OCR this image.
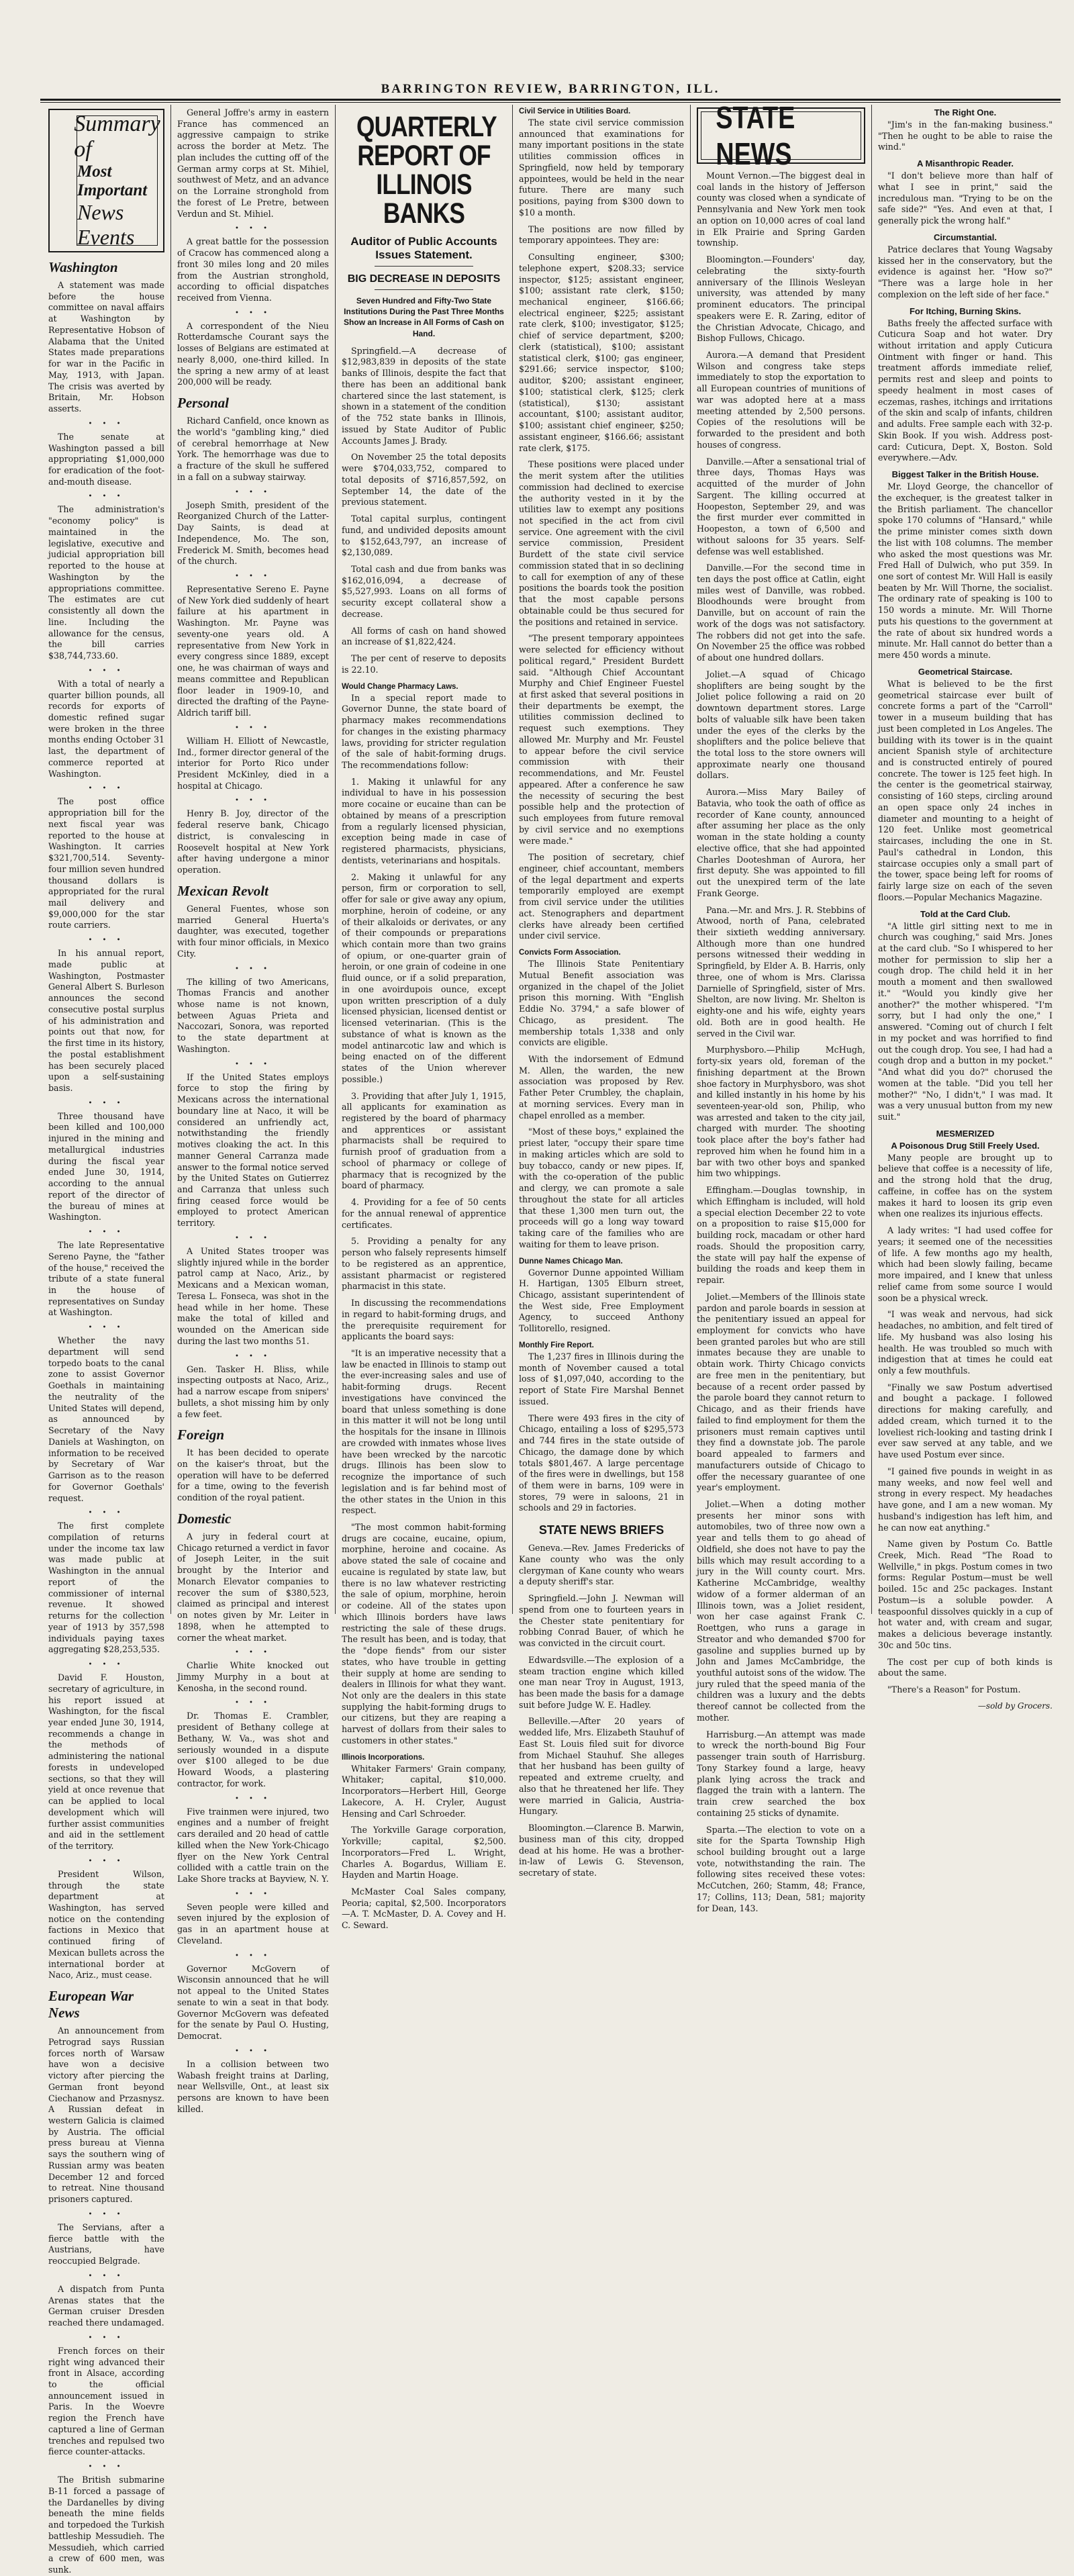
BARRINGTON REVIEW, BARRINGTON, ILL.
Summary of
Most Important
News Events
Washington

A statement was made before the house committee on naval affairs at Washington by Representative Hobson of Alabama that the United States made preparations for war in the Pacific in May, 1913, with Japan. The crisis was averted by Britain, Mr. Hobson asserts.

• • •

The senate at Washington passed a bill appropriating $1,000,000 for eradication of the foot-and-mouth disease.

• • •

The administration's "economy policy" is maintained in the legislative, executive and judicial appropriation bill reported to the house at Washington by the appropriations committee. The estimates are cut consistently all down the line. Including the allowance for the census, the bill carries $38,744,733.60.

• • •

With a total of nearly a quarter billion pounds, all records for exports of domestic refined sugar were broken in the three months ending October 31 last, the department of commerce reported at Washington.

• • •

The post office appropriation bill for the next fiscal year was reported to the house at Washington. It carries $321,700,514. Seventy-four million seven hundred thousand dollars is appropriated for the rural mail delivery and $9,000,000 for the star route carriers.

• • •

In his annual report, made public at Washington, Postmaster General Albert S. Burleson announces the second consecutive postal surplus of his administration and points out that now, for the first time in its history, the postal establishment has been securely placed upon a self-sustaining basis.

• • •

Three thousand have been killed and 100,000 injured in the mining and metallurgical industries during the fiscal year ended June 30, 1914, according to the annual report of the director of the bureau of mines at Washington.

• • •

The late Representative Sereno Payne, the "father of the house," received the tribute of a state funeral in the house of representatives on Sunday at Washington.

• • •

Whether the navy department will send torpedo boats to the canal zone to assist Governor Goethals in maintaining the neutrality of the United States will depend, as announced by Secretary of the Navy Daniels at Washington, on information to be received by Secretary of War Garrison as to the reason for Governor Goethals' request.

• • •

The first complete compilation of returns under the income tax law was made public at Washington in the annual report of the commissioner of internal revenue. It showed returns for the collection year of 1913 by 357,598 individuals paying taxes aggregating $28,253,535.

• • •

David F. Houston, secretary of agriculture, in his report issued at Washington, for the fiscal year ended June 30, 1914, recommends a change in the methods of administering the national forests in undeveloped sections, so that they will yield at once revenue that can be applied to local development which will further assist communities and aid in the settlement of the territory.

• • •

President Wilson, through the state department at Washington, has served notice on the contending factions in Mexico that continued firing of Mexican bullets across the international border at Naco, Ariz., must cease.

European War News

An announcement from Petrograd says Russian forces north of Warsaw have won a decisive victory after piercing the German front beyond Ciechanow and Przasnysz. A Russian defeat in western Galicia is claimed by Austria. The official press bureau at Vienna says the southern wing of Russian army was beaten December 12 and forced to retreat. Nine thousand prisoners captured.

• • •

The Servians, after a fierce battle with the Austrians, have reoccupied Belgrade.

• • •

A dispatch from Punta Arenas states that the German cruiser Dresden reached there undamaged.

• • •

French forces on their right wing advanced their front in Alsace, according to the official announcement issued in Paris. In the Woevre region the French have captured a line of German trenches and repulsed two fierce counter-attacks.

• • •

The British submarine B-11 forced a passage of the Dardanelles by diving beneath the mine fields and torpedoed the Turkish battleship Messudieh. The Messudieh, which carried a crew of 600 men, was sunk.

General Joffre's army in eastern France has commenced an aggressive campaign to strike across the border at Metz. The plan includes the cutting off of the German army corps at St. Mihiel, southwest of Metz, and an advance on the Lorraine stronghold from the forest of Le Pretre, between Verdun and St. Mihiel.

• • •

A great battle for the possession of Cracow has commenced along a front 30 miles long and 20 miles from the Austrian stronghold, according to official dispatches received from Vienna.

• • •

A correspondent of the Nieu Rotterdamsche Courant says the losses of Belgians are estimated at nearly 8,000, one-third killed. In the spring a new army of at least 200,000 will be ready.

Personal

Richard Canfield, once known as the world's "gambling king," died of cerebral hemorrhage at New York. The hemorrhage was due to a fracture of the skull he suffered in a fall on a subway stairway.

• • •

Joseph Smith, president of the Reorganized Church of the Latter-Day Saints, is dead at Independence, Mo. The son, Frederick M. Smith, becomes head of the church.

• • •

Representative Sereno E. Payne of New York died suddenly of heart failure at his apartment in Washington. Mr. Payne was seventy-one years old. A representative from New York in every congress since 1889, except one, he was chairman of ways and means committee and Republican floor leader in 1909-10, and directed the drafting of the Payne-Aldrich tariff bill.

• • •

William H. Elliott of Newcastle, Ind., former director general of the interior for Porto Rico under President McKinley, died in a hospital at Chicago.

• • •

Henry B. Joy, director of the federal reserve bank, Chicago district, is convalescing in Roosevelt hospital at New York after having undergone a minor operation.

Mexican Revolt

General Fuentes, whose son married General Huerta's daughter, was executed, together with four minor officials, in Mexico City.

• • •

The killing of two Americans, Thomas Francis and another whose name is not known, between Aguas Prieta and Naccozari, Sonora, was reported to the state department at Washington.

• • •

If the United States employs force to stop the firing by Mexicans across the international boundary line at Naco, it will be considered an unfriendly act, notwithstanding the friendly motives cloaking the act. In this manner General Carranza made answer to the formal notice served by the United States on Gutierrez and Carranza that unless such firing ceased force would be employed to protect American territory.

• • •

A United States trooper was slightly injured while in the border patrol camp at Naco, Ariz., by Mexicans and a Mexican woman, Teresa L. Fonseca, was shot in the head while in her home. These make the total of killed and wounded on the American side during the last two months 51.

• • •

Gen. Tasker H. Bliss, while inspecting outposts at Naco, Ariz., had a narrow escape from snipers' bullets, a shot missing him by only a few feet.

Foreign

It has been decided to operate on the kaiser's throat, but the operation will have to be deferred for a time, owing to the feverish condition of the royal patient.

Domestic

A jury in federal court at Chicago returned a verdict in favor of Joseph Leiter, in the suit brought by the Interior and Monarch Elevator companies to recover the sum of $380,523, claimed as principal and interest on notes given by Mr. Leiter in 1898, when he attempted to corner the wheat market.

• • •

Charlie White knocked out Jimmy Murphy in a bout at Kenosha, in the second round.

• • •

Dr. Thomas E. Crambler, president of Bethany college at Bethany, W. Va., was shot and seriously wounded in a dispute over $100 alleged to be due Howard Woods, a plastering contractor, for work.

• • •

Five trainmen were injured, two engines and a number of freight cars derailed and 20 head of cattle killed when the New York-Chicago flyer on the New York Central collided with a cattle train on the Lake Shore tracks at Bayview, N. Y.

• • •

Seven people were killed and seven injured by the explosion of gas in an apartment house at Cleveland.

• • •

Governor McGovern of Wisconsin announced that he will not appeal to the United States senate to win a seat in that body. Governor McGovern was defeated for the senate by Paul O. Husting, Democrat.

• • •

In a collision between two Wabash freight trains at Darling, near Wellsville, Ont., at least six persons are known to have been killed.

QUARTERLY REPORT OF ILLINOIS BANKS
Auditor of Public Accounts Issues Statement.
BIG DECREASE IN DEPOSITS
Seven Hundred and Fifty-Two State Institutions During the Past Three Months Show an Increase in All Forms of Cash on Hand.

Springfield.—A decrease of $12,983,839 in deposits of the state banks of Illinois, despite the fact that there has been an additional bank chartered since the last statement, is shown in a statement of the condition of the 752 state banks in Illinois, issued by State Auditor of Public Accounts James J. Brady.

On November 25 the total deposits were $704,033,752, compared to total deposits of $716,857,592, on September 14, the date of the previous statement.

Total capital surplus, contingent fund, and undivided deposits amount to $152,643,797, an increase of $2,130,089.

Total cash and due from banks was $162,016,094, a decrease of $5,527,993. Loans on all forms of security except collateral show a decrease.

All forms of cash on hand showed an increase of $1,822,424.

The per cent of reserve to deposits is 22.10.

Would Change Pharmacy Laws.

In a special report made to Governor Dunne, the state board of pharmacy makes recommendations for changes in the existing pharmacy laws, providing for stricter regulation of the sale of habit-forming drugs. The recommendations follow:

1. Making it unlawful for any individual to have in his possession more cocaine or eucaine than can be obtained by means of a prescription from a regularly licensed physician, exception being made in case of registered pharmacists, physicians, dentists, veterinarians and hospitals.

2. Making it unlawful for any person, firm or corporation to sell, offer for sale or give away any opium, morphine, heroin of codeine, or any of their alkaloids or derivates, or any of their compounds or preparations which contain more than two grains of opium, or one-quarter grain of heroin, or one grain of codeine in one fluid ounce, or if a solid preparation, in one avoirdupois ounce, except upon written prescription of a duly licensed physician, licensed dentist or licensed veterinarian. (This is the substance of what is known as the model antinarcotic law and which is being enacted on of the different states of the Union wherever possible.)

3. Providing that after July 1, 1915, all applicants for examination as registered by the board of pharmacy and apprentices or assistant pharmacists shall be required to furnish proof of graduation from a school of pharmacy or college of pharmacy that is recognized by the board of pharmacy.

4. Providing for a fee of 50 cents for the annual renewal of apprentice certificates.

5. Providing a penalty for any person who falsely represents himself to be registered as an apprentice, assistant pharmacist or registered pharmacist in this state.

In discussing the recommendations in regard to habit-forming drugs, and the prerequisite requirement for applicants the board says:

"It is an imperative necessity that a law be enacted in Illinois to stamp out the ever-increasing sales and use of habit-forming drugs. Recent investigations have convinced the board that unless something is done in this matter it will not be long until the hospitals for the insane in Illinois are crowded with inmates whose lives have been wrecked by the narcotic drugs. Illinois has been slow to recognize the importance of such legislation and is far behind most of the other states in the Union in this respect.

"The most common habit-forming drugs are cocaine, eucaine, opium, morphine, heroine and cocaine. As above stated the sale of cocaine and eucaine is regulated by state law, but there is no law whatever restricting the sale of opium, morphine, heroin or codeine. All of the states upon which Illinois borders have laws restricting the sale of these drugs. The result has been, and is today, that the "dope fiends" from our sister states, who have trouble in getting their supply at home are sending to dealers in Illinois for what they want. Not only are the dealers in this state supplying the habit-forming drugs to our citizens, but they are reaping a harvest of dollars from their sales to customers in other states."

Illinois Incorporations.

Whitaker Farmers' Grain company, Whitaker; capital, $10,000. Incorporators—Herbert Hill, George Lakecore, A. H. Cryler, August Hensing and Carl Schroeder.

The Yorkville Garage corporation, Yorkville; capital, $2,500. Incorporators—Fred L. Wright, Charles A. Bogardus, William E. Hayden and Martin Hoage.

McMaster Coal Sales company, Peoria; capital, $2,500. Incorporators—A. T. McMaster, D. A. Covey and H. C. Seward.

Civil Service in Utilities Board.

The state civil service commission announced that examinations for many important positions in the state utilities commission offices in Springfield, now held by temporary appointees, would be held in the near future. There are many such positions, paying from $300 down to $10 a month.

The positions are now filled by temporary appointees. They are:

Consulting engineer, $300; telephone expert, $208.33; service inspector, $125; assistant engineer, $100; assistant rate clerk, $150; mechanical engineer, $166.66; electrical engineer, $225; assistant rate clerk, $100; investigator, $125; chief of service department, $200; clerk (statistical), $100; assistant statistical clerk, $100; gas engineer, $291.66; service inspector, $100; auditor, $200; assistant engineer, $100; statistical clerk, $125; clerk (statistical), $130; assistant accountant, $100; assistant auditor, $100; assistant chief engineer, $250; assistant engineer, $166.66; assistant rate clerk, $175.

These positions were placed under the merit system after the utilities commission had declined to exercise the authority vested in it by the utilities law to exempt any positions not specified in the act from civil service. One agreement with the civil service commission, President Burdett of the state civil service commission stated that in so declining to call for exemption of any of these positions the boards took the position that the most capable persons obtainable could be thus secured for the positions and retained in service.

"The present temporary appointees were selected for efficiency without political regard," President Burdett said. "Although Chief Accountant Murphy and Chief Engineer Fuestel at first asked that several positions in their departments be exempt, the utilities commission declined to request such exemptions. They allowed Mr. Murphy and Mr. Feustel to appear before the civil service commission with their recommendations, and Mr. Feustel appeared. After a conference he saw the necessity of securing the best possible help and the protection of such employees from future removal by civil service and no exemptions were made."

The position of secretary, chief engineer, chief accountant, members of the legal department and experts temporarily employed are exempt from civil service under the utilities act. Stenographers and department clerks have already been certified under civil service.

Convicts Form Association.

The Illinois State Penitentiary Mutual Benefit association was organized in the chapel of the Joliet prison this morning. With "English Eddie No. 3794," a safe blower of Chicago, as president. The membership totals 1,338 and only convicts are eligible.

With the indorsement of Edmund M. Allen, the warden, the new association was proposed by Rev. Father Peter Crumbley, the chaplain, at morning services. Every man in chapel enrolled as a member.

"Most of these boys," explained the priest later, "occupy their spare time in making articles which are sold to buy tobacco, candy or new pipes. If, with the co-operation of the public and clergy, we can promote a sale throughout the state for all articles that these 1,300 men turn out, the proceeds will go a long way toward taking care of the families who are waiting for them to leave prison.

Dunne Names Chicago Man.

Governor Dunne appointed William H. Hartigan, 1305 Elburn street, Chicago, assistant superintendent of the West side, Free Employment Agency, to succeed Anthony Tollitorello, resigned.

Monthly Fire Report.

The 1,237 fires in Illinois during the month of November caused a total loss of $1,097,040, according to the report of State Fire Marshal Bennet issued.

There were 493 fires in the city of Chicago, entailing a loss of $295,573 and 744 fires in the state outside of Chicago, the damage done by which totals $801,467. A large percentage of the fires were in dwellings, but 158 of them were in barns, 109 were in stores, 79 were in saloons, 21 in schools and 29 in factories.

STATE NEWS BRIEFS

Geneva.—Rev. James Fredericks of Kane county who was the only clergyman of Kane county who wears a deputy sheriff's star.

Springfield.—John J. Newman will spend from one to fourteen years in the Chester state penitentiary for robbing Conrad Bauer, of which he was convicted in the circuit court.

Edwardsville.—The explosion of a steam traction engine which killed one man near Troy in August, 1913, has been made the basis for a damage suit before Judge W. E. Hadley.

Belleville.—After 20 years of wedded life, Mrs. Elizabeth Stauhuf of East St. Louis filed suit for divorce from Michael Stauhuf. She alleges that her husband has been guilty of repeated and extreme cruelty, and also that he threatened her life. They were married in Galicia, Austria-Hungary.

Bloomington.—Clarence B. Marwin, business man of this city, dropped dead at his home. He was a brother-in-law of Lewis G. Stevenson, secretary of state.

STATE NEWS

Mount Vernon.—The biggest deal in coal lands in the history of Jefferson county was closed when a syndicate of Pennsylvania and New York men took an option on 10,000 acres of coal land in Elk Prairie and Spring Garden township.

Bloomington.—Founders' day, celebrating the sixty-fourth anniversary of the Illinois Wesleyan university, was attended by many prominent educators. The principal speakers were E. R. Zaring, editor of the Christian Advocate, Chicago, and Bishop Fullows, Chicago.

Aurora.—A demand that President Wilson and congress take steps immediately to stop the exportation to all European countries of munitions of war was adopted here at a mass meeting attended by 2,500 persons. Copies of the resolutions will be forwarded to the president and both houses of congress.

Danville.—After a sensational trial of three days, Thomas Hays was acquitted of the murder of John Sargent. The killing occurred at Hoopeston, September 29, and was the first murder ever committed in Hoopeston, a town of 6,500 and without saloons for 35 years. Self-defense was well established.

Danville.—For the second time in ten days the post office at Catlin, eight miles west of Danville, was robbed. Bloodhounds were brought from Danville, but on account of rain the work of the dogs was not satisfactory. The robbers did not get into the safe. On November 25 the office was robbed of about one hundred dollars.

Joliet.—A squad of Chicago shoplifters are being sought by the Joliet police following a raid on 20 downtown department stores. Large bolts of valuable silk have been taken under the eyes of the clerks by the shoplifters and the police believe that the total loss to the store owners will approximate nearly one thousand dollars.

Aurora.—Miss Mary Bailey of Batavia, who took the oath of office as recorder of Kane county, announced after assuming her place as the only woman in the state holding a county elective office, that she had appointed Charles Dooteshman of Aurora, her first deputy. She was appointed to fill out the unexpired term of the late Frank George.

Pana.—Mr. and Mrs. J. R. Stebbins of Atwood, north of Pana, celebrated their sixtieth wedding anniversary. Although more than one hundred persons witnessed their wedding in Springfield, by Elder A. B. Harris, only three, one of whom is Mrs. Clarissa Darnielle of Springfield, sister of Mrs. Shelton, are now living. Mr. Shelton is eighty-one and his wife, eighty years old. Both are in good health. He served in the Civil war.

Murphysboro.—Philip McHugh, forty-six years old, foreman of the finishing department at the Brown shoe factory in Murphysboro, was shot and killed instantly in his home by his seventeen-year-old son, Philip, who was arrested and taken to the city jail, charged with murder. The shooting took place after the boy's father had reproved him when he found him in a bar with two other boys and spanked him two whippings.

Effingham.—Douglas township, in which Effingham is included, will hold a special election December 22 to vote on a proposition to raise $15,000 for building rock, macadam or other hard roads. Should the proposition carry, the state will pay half the expense of building the roads and keep them in repair.

Joliet.—Members of the Illinois state pardon and parole boards in session at the penitentiary issued an appeal for employment for convicts who have been granted paroles but who are still inmates because they are unable to obtain work. Thirty Chicago convicts are free men in the penitentiary, but because of a recent order passed by the parole board they cannot return to Chicago, and as their friends have failed to find employment for them the prisoners must remain captives until they find a downstate job. The parole board appealed to farmers and manufacturers outside of Chicago to offer the necessary guarantee of one year's employment.

Joliet.—When a doting mother presents her minor sons with automobiles, two of three now own a year and tells them to go ahead of Oldfield, she does not have to pay the bills which may result according to a jury in the Will county court. Mrs. Katherine McCambridge, wealthy widow of a former alderman of an Illinois town, was a Joliet resident, won her case against Frank C. Roettgen, who runs a garage in Streator and who demanded $700 for gasoline and supplies burned up by John and James McCambridge, the youthful autoist sons of the widow. The jury ruled that the speed mania of the children was a luxury and the debts thereof cannot be collected from the mother.

Harrisburg.—An attempt was made to wreck the north-bound Big Four passenger train south of Harrisburg. Tony Starkey found a large, heavy plank lying across the track and flagged the train with a lantern. The train crew searched the box containing 25 sticks of dynamite.

Sparta.—The election to vote on a site for the Sparta Township High school building brought out a large vote, notwithstanding the rain. The following sites received these votes: McCutchen, 260; Stamm, 48; France, 17; Collins, 113; Dean, 581; majority for Dean, 143.

The Right One.

"Jim's in the fan-making business." "Then he ought to be able to raise the wind."

A Misanthropic Reader.

"I don't believe more than half of what I see in print," said the incredulous man. "Trying to be on the safe side?" "Yes. And even at that, I generally pick the wrong half."

Circumstantial.

Patrice declares that Young Wagsaby kissed her in the conservatory, but the evidence is against her. "How so?" "There was a large hole in her complexion on the left side of her face."

For Itching, Burning Skins.

Baths freely the affected surface with Cuticura Soap and hot water. Dry without irritation and apply Cuticura Ointment with finger or hand. This treatment affords immediate relief, permits rest and sleep and points to speedy healment in most cases of eczemas, rashes, itchings and irritations of the skin and scalp of infants, children and adults. Free sample each with 32-p. Skin Book. If you wish. Address post-card: Cuticura, Dept. X, Boston. Sold everywhere.—Adv.

Biggest Talker in the British House.

Mr. Lloyd George, the chancellor of the exchequer, is the greatest talker in the British parliament. The chancellor spoke 170 columns of "Hansard," while the prime minister comes sixth down the list with 108 columns. The member who asked the most questions was Mr. Fred Hall of Dulwich, who put 359. In one sort of contest Mr. Will Hall is easily beaten by Mr. Will Thorne, the socialist. The ordinary rate of speaking is 100 to 150 words a minute. Mr. Will Thorne puts his questions to the government at the rate of about six hundred words a minute. Mr. Hall cannot do better than a mere 450 words a minute.

Geometrical Staircase.

What is believed to be the first geometrical staircase ever built of concrete forms a part of the "Carroll" tower in a museum building that has just been completed in Los Angeles. The building with its tower is in the quaint ancient Spanish style of architecture and is constructed entirely of poured concrete. The tower is 125 feet high. In the center is the geometrical stairway, consisting of 160 steps, circling around an open space only 24 inches in diameter and mounting to a height of 120 feet. Unlike most geometrical staircases, including the one in St. Paul's cathedral in London, this staircase occupies only a small part of the tower, space being left for rooms of fairly large size on each of the seven floors.—Popular Mechanics Magazine.

Told at the Card Club.

"A little girl sitting next to me in church was coughing," said Mrs. Jones at the card club. "So I whispered to her mother for permission to slip her a cough drop. The child held it in her mouth a moment and then swallowed it." "Would you kindly give her another?" the mother whispered. "I'm sorry, but I had only the one," I answered. "Coming out of church I felt in my pocket and was horrified to find out the cough drop. You see, I had had a cough drop and a button in my pocket." "And what did you do?" chorused the women at the table. "Did you tell her mother?" "No, I didn't," I was mad. It was a very unusual button from my new suit."

MESMERIZED
A Poisonous Drug Still Freely Used.

Many people are brought up to believe that coffee is a necessity of life, and the strong hold that the drug, caffeine, in coffee has on the system makes it hard to loosen its grip even when one realizes its injurious effects.

A lady writes: "I had used coffee for years; it seemed one of the necessities of life. A few months ago my health, which had been slowly failing, became more impaired, and I knew that unless relief came from some source I would soon be a physical wreck.

"I was weak and nervous, had sick headaches, no ambition, and felt tired of life. My husband was also losing his health. He was troubled so much with indigestion that at times he could eat only a few mouthfuls.

"Finally we saw Postum advertised and bought a package. I followed directions for making carefully, and added cream, which turned it to the loveliest rich-looking and tasting drink I ever saw served at any table, and we have used Postum ever since.

"I gained five pounds in weight in as many weeks, and now feel well and strong in every respect. My headaches have gone, and I am a new woman. My husband's indigestion has left him, and he can now eat anything."

Name given by Postum Co. Battle Creek, Mich. Read "The Road to Wellville," in pkgs. Postum comes in two forms: Regular Postum—must be well boiled. 15c and 25c packages. Instant Postum—is a soluble powder. A teaspoonful dissolves quickly in a cup of hot water and, with cream and sugar, makes a delicious beverage instantly. 30c and 50c tins.

The cost per cup of both kinds is about the same.

"There's a Reason" for Postum.

—sold by Grocers.
